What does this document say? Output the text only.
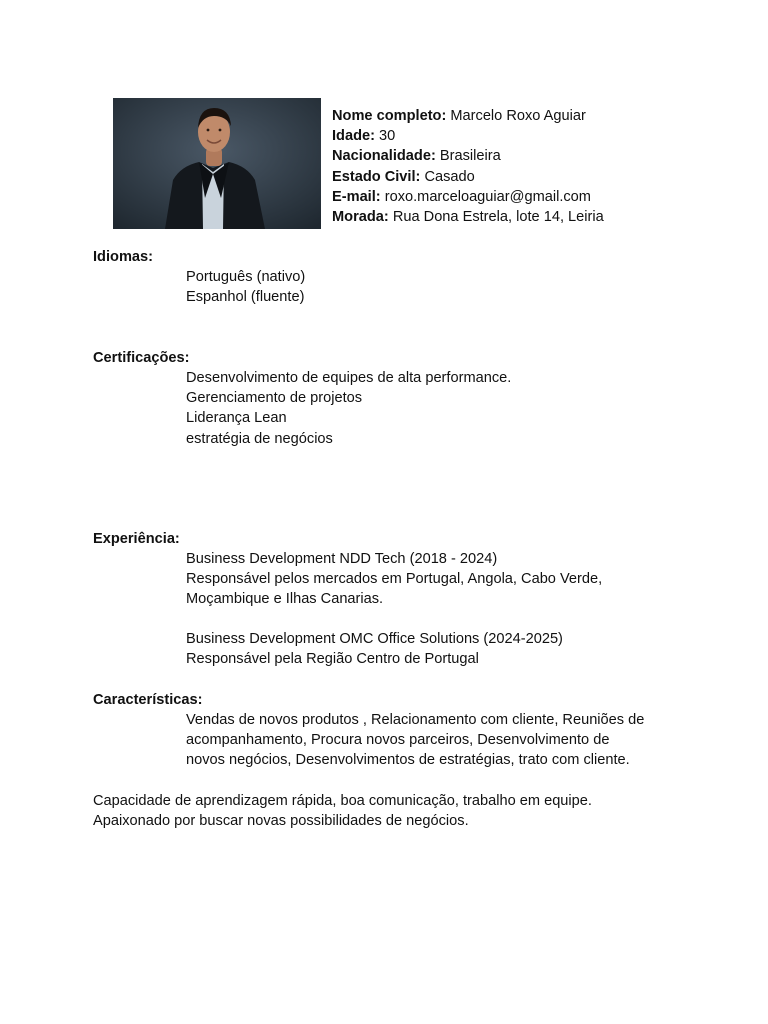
Nome completo: Marcelo Roxo Aguiar
Idade: 30
Nacionalidade: Brasileira
Estado Civil: Casado
E-mail: roxo.marceloaguiar@gmail.com
Morada: Rua Dona Estrela, lote 14, Leiria
Idiomas:
Português (nativo)
Espanhol (fluente)
Certificações:
Desenvolvimento de equipes de alta performance.
Gerenciamento de projetos
Liderança Lean
estratégia de negócios
Experiência:
Business Development NDD Tech (2018 - 2024)
Responsável pelos mercados em Portugal, Angola, Cabo Verde,
Moçambique e Ilhas Canarias.
Business Development OMC Office Solutions (2024-2025)
Responsável pela Região Centro de Portugal
Características:
Vendas de novos produtos , Relacionamento com cliente, Reuniões de
acompanhamento, Procura novos parceiros, Desenvolvimento de
novos negócios, Desenvolvimentos de estratégias, trato com cliente.
Capacidade de aprendizagem rápida, boa comunicação, trabalho em equipe.
Apaixonado por buscar novas possibilidades de negócios.
